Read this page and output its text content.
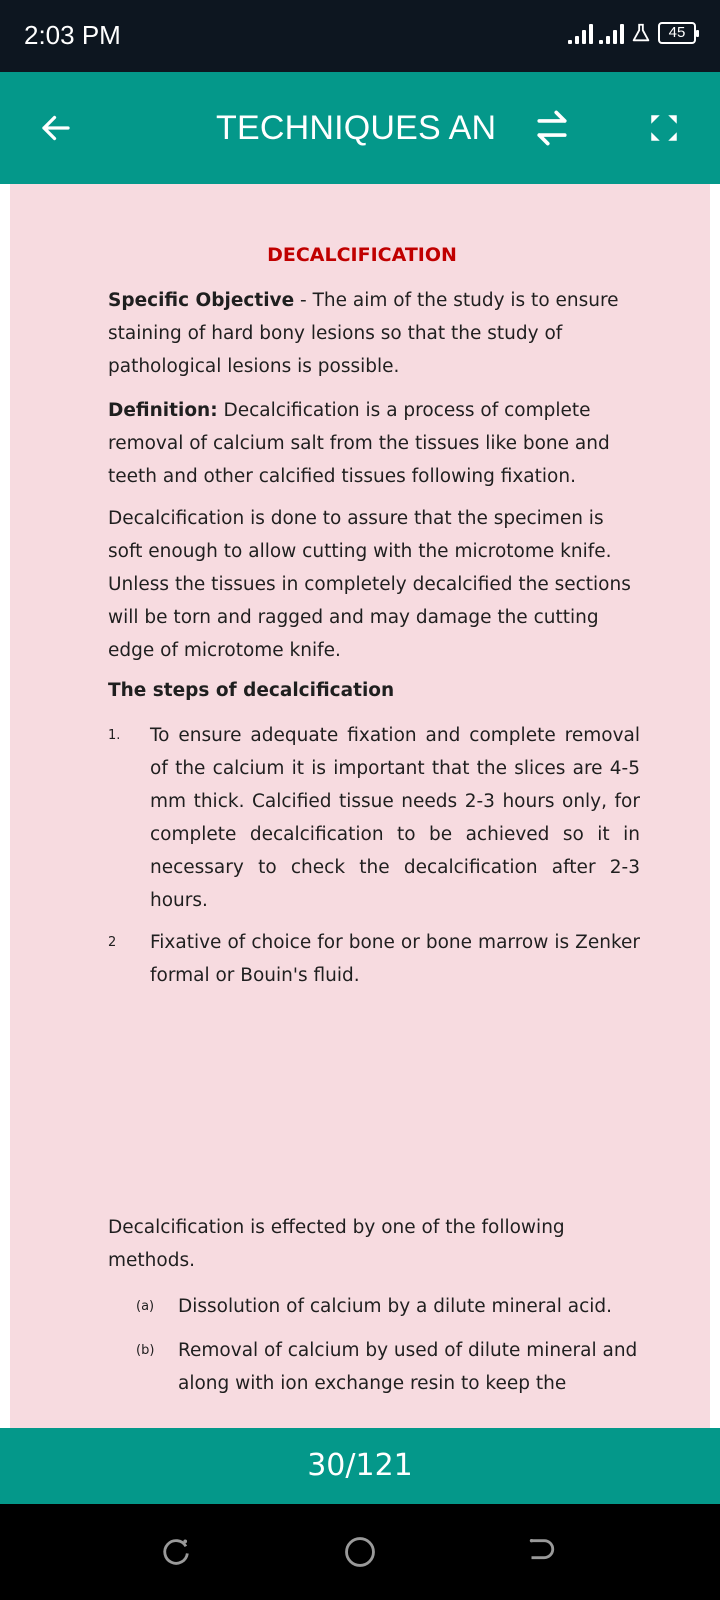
2:03 PM	45
TECHNIQUES AN
DECALCIFICATION
Specific Objective - The aim of the study is to ensure staining of hard bony lesions so that the study of pathological lesions is possible.
Definition: Decalcification is a process of complete removal of calcium salt from the tissues like bone and teeth and other calcified tissues following fixation.
Decalcification is done to assure that the specimen is soft enough to allow cutting with the microtome knife. Unless the tissues in completely decalcified the sections will be torn and ragged and may damage the cutting edge of microtome knife.
The steps of decalcification
1. To ensure adequate fixation and complete removal of the calcium it is important that the slices are 4-5 mm thick. Calcified tissue needs 2-3 hours only, for complete decalcification to be achieved so it in necessary to check the decalcification after 2-3 hours.
2 Fixative of choice for bone or bone marrow is Zenker formal or Bouin's fluid.
Decalcification is effected by one of the following methods.
(a) Dissolution of calcium by a dilute mineral acid.
(b) Removal of calcium by used of dilute mineral and along with ion exchange resin to keep the
30/121
